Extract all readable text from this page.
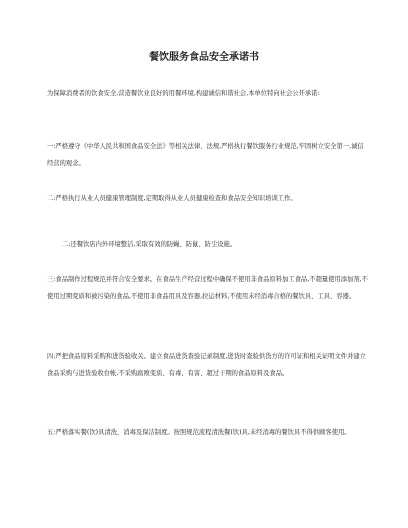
餐饮服务食品安全承诺书

为保障消费者的饮食安全,营造餐饮业良好的用餐环境,构建诚信和谐社会,本单位特向社会公开承诺:

一:严格遵守《中华人民共和国食品安全法》等相关法律、法规,严格执行餐饮服务行业规范,牢固树立安全第一,诚信经营的观念。

二:严格执行从业人员健康管理制度,定期取得从业人员健康检查和食品安全知识培训工作。

二:还餐饮店内外环境整洁,采取有效的防蝇、防鼠、防尘设施。

三:食品制作过程规范并符合安全要求。在食品生产经营过程中确保不使用非食品原料加工食品,不超量使用添加剂,不使用过期变质和被污染的食品,不使用非食品用具及容器,拉运材料,不使用未经消毒合格的餐饮具、工具、容器。

四:严把食品原料采购和进货验收关。建立食品进货查验记录制度,进货时查验供货方的许可证和相关证明文件并建立食品采购与进货验收台帐,不采购腐败变质、有毒、有害、超过干期的食品原料及食品。

五:严格落实餐(饮)具清洗、消毒及保洁制度。按照规范流程清洗餐(饮)具,未经消毒的餐饮具不得供顾客使用。
